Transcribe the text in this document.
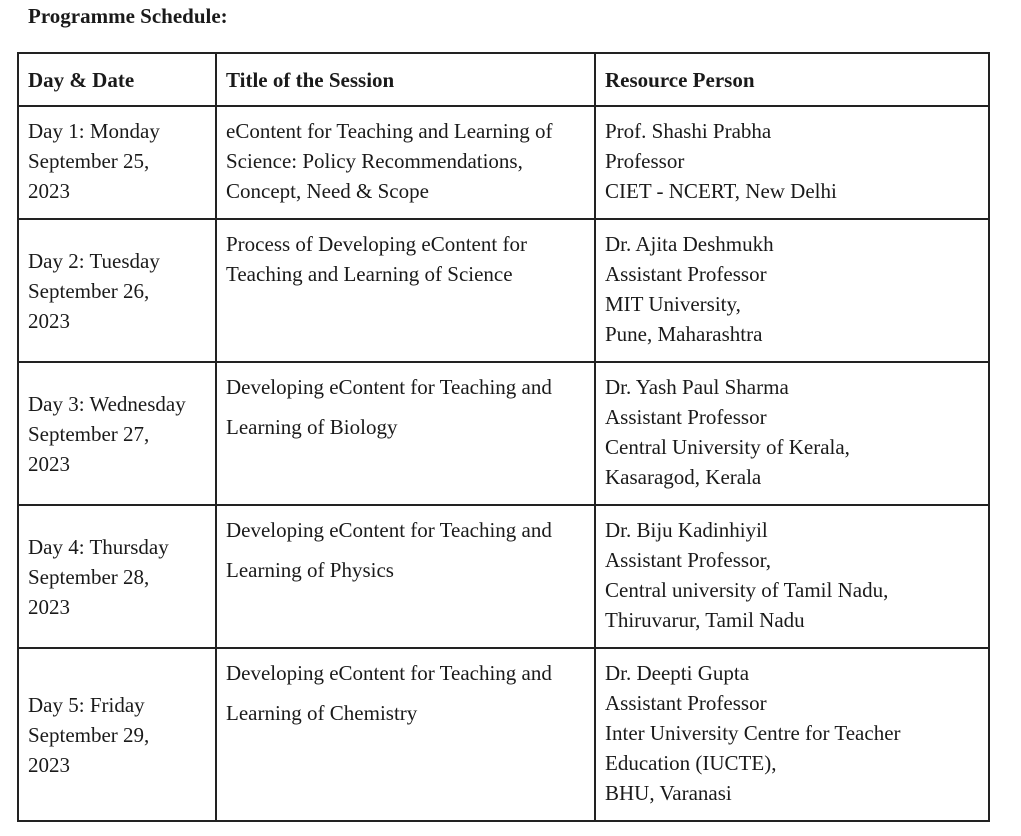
Programme Schedule:
Day & Date	Title of the Session	Resource Person

Day 1: Monday
September 25,
2023	eContent for Teaching and Learning of
Science: Policy Recommendations,
Concept, Need & Scope	Prof. Shashi Prabha
Professor
CIET - NCERT, New Delhi

Day 2: Tuesday
September 26,
2023	Process of Developing eContent for
Teaching and Learning of Science	Dr. Ajita Deshmukh
Assistant Professor
MIT University,
Pune, Maharashtra

Day 3: Wednesday
September 27,
2023	Developing eContent for Teaching and
Learning of Biology	Dr. Yash Paul Sharma
Assistant Professor
Central University of Kerala,
Kasaragod, Kerala

Day 4: Thursday
September 28,
2023	Developing eContent for Teaching and
Learning of Physics	Dr. Biju Kadinhiyil
Assistant Professor,
Central university of Tamil Nadu,
Thiruvarur, Tamil Nadu

Day 5: Friday
September 29,
2023	Developing eContent for Teaching and
Learning of Chemistry	Dr. Deepti Gupta
Assistant Professor
Inter University Centre for Teacher
Education (IUCTE),
BHU, Varanasi
